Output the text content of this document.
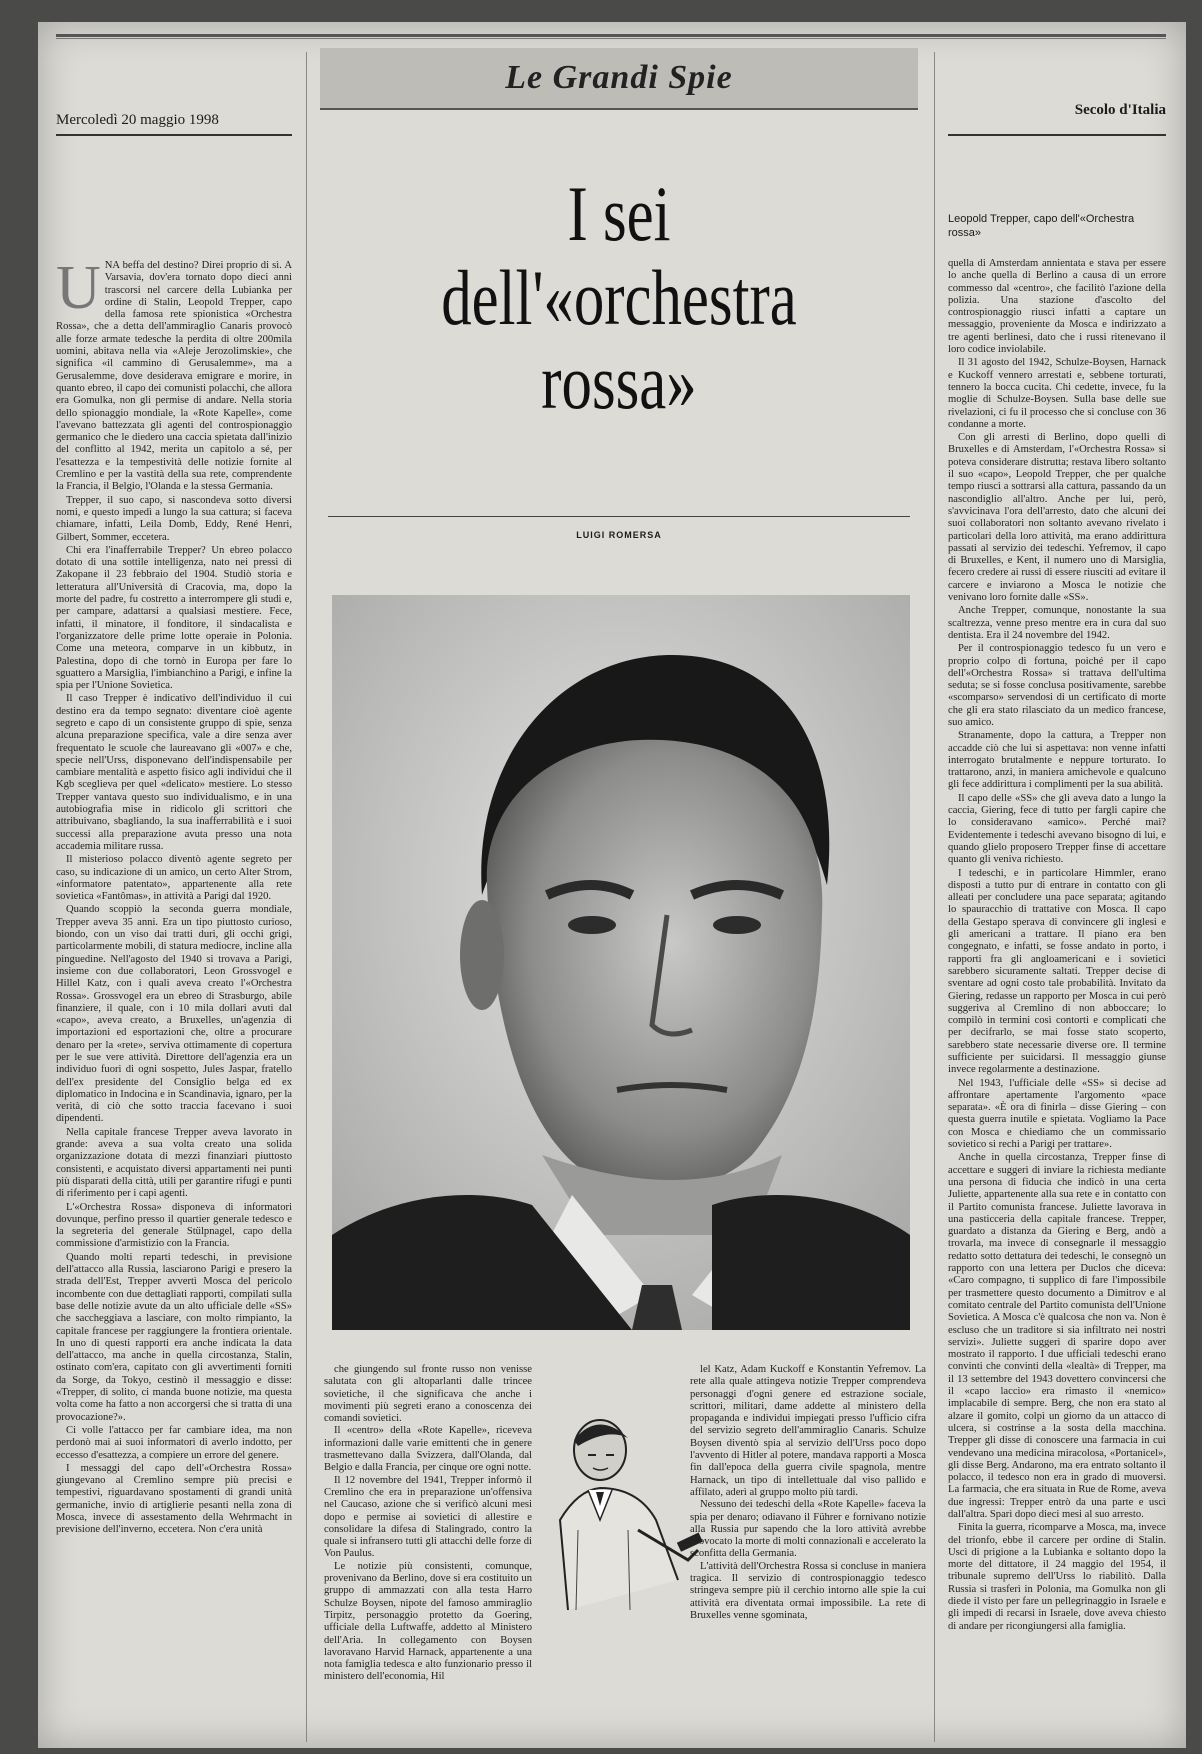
Mercoledì 20 maggio 1998
Le Grandi Spie
Secolo d'Italia
U NA beffa del destino? Direi proprio di sì. A Varsavia, dov'era tornato dopo dieci anni trascorsi nel carcere della Lubianka per ordine di Stalin, Leopold Trepper, capo della famosa rete spionistica «Orchestra Rossa», che a detta dell'ammiraglio Canaris provocò alle forze armate tedesche la perdita di oltre 200mila uomini, abitava nella via «Aleje Jerozolimskie», che significa «il cammino di Gerusalemme», ma a Gerusalemme, dove desiderava emigrare e morire, in quanto ebreo, il capo dei comunisti polacchi, che allora era Gomulka, non gli permise di andare. Nella storia dello spionaggio mondiale, la «Rote Kapelle», come l'avevano battezzata gli agenti del controspionaggio germanico che le diedero una caccia spietata dall'inizio del conflitto al 1942, merita un capitolo a sé, per l'esattezza e la tempestività delle notizie fornite al Cremlino e per la vastità della sua rete, comprendente la Francia, il Belgio, l'Olanda e la stessa Germania.

Trepper, il suo capo, si nascondeva sotto diversi nomi, e questo impedì a lungo la sua cattura; si faceva chiamare, infatti, Leila Domb, Eddy, René Henri, Gilbert, Sommer, eccetera.

Chi era l'inafferrabile Trepper? Un ebreo polacco dotato di una sottile intelligenza, nato nei pressi di Zakopane il 23 febbraio del 1904. Studiò storia e letteratura all'Università di Cracovia, ma, dopo la morte del padre, fu costretto a interrompere gli studi e, per campare, adattarsi a qualsiasi mestiere. Fece, infatti, il minatore, il fonditore, il sindacalista e l'organizzatore delle prime lotte operaie in Polonia. Come una meteora, comparve in un kibbutz, in Palestina, dopo di che tornò in Europa per fare lo sguattero a Marsiglia, l'imbianchino a Parigi, e infine la spia per l'Unione Sovietica.

Il caso Trepper è indicativo dell'individuo il cui destino era da tempo segnato: diventare cioè agente segreto e capo di un consistente gruppo di spie, senza alcuna preparazione specifica, vale a dire senza aver frequentato le scuole che laureavano gli «007» e che, specie nell'Urss, disponevano dell'indispensabile per cambiare mentalità e aspetto fisico agli individui che il Kgb sceglieva per quel «delicato» mestiere. Lo stesso Trepper vantava questo suo individualismo, e in una autobiografia mise in ridicolo gli scrittori che attribuivano, sbagliando, la sua inafferrabilità e i suoi successi alla preparazione avuta presso una nota accademia militare russa.

Il misterioso polacco diventò agente segreto per caso, su indicazione di un amico, un certo Alter Strom, «informatore patentato», appartenente alla rete sovietica «Fantômas», in attività a Parigi dal 1920.

Quando scoppiò la seconda guerra mondiale, Trepper aveva 35 anni. Era un tipo piuttosto curioso, biondo, con un viso dai tratti duri, gli occhi grigi, particolarmente mobili, di statura mediocre, incline alla pinguedine. Nell'agosto del 1940 si trovava a Parigi, insieme con due collaboratori, Leon Grossvogel e Hillel Katz, con i quali aveva creato l'«Orchestra Rossa». Grossvogel era un ebreo di Strasburgo, abile finanziere, il quale, con i 10 mila dollari avuti dal «capo», aveva creato, a Bruxelles, un'agenzia di importazioni ed esportazioni che, oltre a procurare denaro per la «rete», serviva ottimamente di copertura per le sue vere attività. Direttore dell'agenzia era un individuo fuori di ogni sospetto, Jules Jaspar, fratello dell'ex presidente del Consiglio belga ed ex diplomatico in Indocina e in Scandinavia, ignaro, per la verità, di ciò che sotto traccia facevano i suoi dipendenti.

Nella capitale francese Trepper aveva lavorato in grande: aveva a sua volta creato una solida organizzazione dotata di mezzi finanziari piuttosto consistenti, e acquistato diversi appartamenti nei punti più disparati della città, utili per garantire rifugi e punti di riferimento per i capi agenti.

L'«Orchestra Rossa» disponeva di informatori dovunque, perfino presso il quartier generale tedesco e la segreteria del generale Stülpnagel, capo della commissione d'armistizio con la Francia.

Quando molti reparti tedeschi, in previsione dell'attacco alla Russia, lasciarono Parigi e presero la strada dell'Est, Trepper avvertì Mosca del pericolo incombente con due dettagliati rapporti, compilati sulla base delle notizie avute da un alto ufficiale delle «SS» che saccheggiava a lasciare, con molto rimpianto, la capitale francese per raggiungere la frontiera orientale. In uno di questi rapporti era anche indicata la data dell'attacco, ma anche in quella circostanza, Stalin, ostinato com'era, capitato con gli avvertimenti forniti da Sorge, da Tokyo, cestinò il messaggio e disse: «Trepper, di solito, ci manda buone notizie, ma questa volta come ha fatto a non accorgersi che si tratta di una provocazione?».

Ci volle l'attacco per far cambiare idea, ma non perdonò mai ai suoi informatori di averlo indotto, per eccesso d'esattezza, a compiere un errore del genere.

I messaggi del capo dell'«Orchestra Rossa» giungevano al Cremlino sempre più precisi e tempestivi, riguardavano spostamenti di grandi unità germaniche, invio di artiglierie pesanti nella zona di Mosca, invece di assestamento della Wehrmacht in previsione dell'inverno, eccetera. Non c'era unità

I sei
dell'«orchestra
rossa»
LUIGI ROMERSA
Leopold Trepper, capo dell'«Orchestra rossa»

quella di Amsterdam annientata e stava per essere lo anche quella di Berlino a causa di un errore commesso dal «centro», che facilitò l'azione della polizia. Una stazione d'ascolto del controspionaggio riuscì infatti a captare un messaggio, proveniente da Mosca e indirizzato a tre agenti berlinesi, dato che i russi ritenevano il loro codice inviolabile.

Il 31 agosto del 1942, Schulze-Boysen, Harnack e Kuckoff vennero arrestati e, sebbene torturati, tennero la bocca cucita. Chi cedette, invece, fu la moglie di Schulze-Boysen. Sulla base delle sue rivelazioni, ci fu il processo che si concluse con 36 condanne a morte.

Con gli arresti di Berlino, dopo quelli di Bruxelles e di Amsterdam, l'«Orchestra Rossa» si poteva considerare distrutta; restava libero soltanto il suo «capo», Leopold Trepper, che per qualche tempo riuscì a sottrarsi alla cattura, passando da un nascondiglio all'altro. Anche per lui, però, s'avvicinava l'ora dell'arresto, dato che alcuni dei suoi collaboratori non soltanto avevano rivelato i particolari della loro attività, ma erano addirittura passati al servizio dei tedeschi. Yefremov, il capo di Bruxelles, e Kent, il numero uno di Marsiglia, fecero credere ai russi di essere riusciti ad evitare il carcere e inviarono a Mosca le notizie che venivano loro fornite dalle «SS».

Anche Trepper, comunque, nonostante la sua scaltrezza, venne preso mentre era in cura dal suo dentista. Era il 24 novembre del 1942.

Per il controspionaggio tedesco fu un vero e proprio colpo di fortuna, poiché per il capo dell'«Orchestra Rossa» si trattava dell'ultima seduta; se si fosse conclusa positivamente, sarebbe «scomparso» servendosi di un certificato di morte che gli era stato rilasciato da un medico francese, suo amico.

Stranamente, dopo la cattura, a Trepper non accadde ciò che lui si aspettava: non venne infatti interrogato brutalmente e neppure torturato. Io trattarono, anzi, in maniera amichevole e qualcuno gli fece addirittura i complimenti per la sua abilità.

Il capo delle «SS» che gli aveva dato a lungo la caccia, Giering, fece di tutto per fargli capire che lo consideravano «amico». Perché mai? Evidentemente i tedeschi avevano bisogno di lui, e quando glielo proposero Trepper finse di accettare quanto gli veniva richiesto.

I tedeschi, e in particolare Himmler, erano disposti a tutto pur di entrare in contatto con gli alleati per concludere una pace separata; agitando lo spauracchio di trattative con Mosca. Il capo della Gestapo sperava di convincere gli inglesi e gli americani a trattare. Il piano era ben congegnato, e infatti, se fosse andato in porto, i rapporti fra gli angloamericani e i sovietici sarebbero sicuramente saltati. Trepper decise di sventare ad ogni costo tale probabilità. Invitato da Giering, redasse un rapporto per Mosca in cui però suggeriva al Cremlino di non abboccare; lo compilò in termini così contorti e complicati che per decifrarlo, se mai fosse stato scoperto, sarebbero state necessarie diverse ore. Il termine sufficiente per suicidarsi. Il messaggio giunse invece regolarmente a destinazione.

Nel 1943, l'ufficiale delle «SS» si decise ad affrontare apertamente l'argomento «pace separata». «È ora di finirla – disse Giering – con questa guerra inutile e spietata. Vogliamo la Pace con Mosca e chiediamo che un commissario sovietico si rechi a Parigi per trattare».

Anche in quella circostanza, Trepper finse di accettare e suggerì di inviare la richiesta mediante una persona di fiducia che indicò in una certa Juliette, appartenente alla sua rete e in contatto con il Partito comunista francese. Juliette lavorava in una pasticceria della capitale francese. Trepper, guardato a distanza da Giering e Berg, andò a trovarla, ma invece di consegnarle il messaggio redatto sotto dettatura dei tedeschi, le consegnò un rapporto con una lettera per Duclos che diceva: «Caro compagno, ti supplico di fare l'impossibile per trasmettere questo documento a Dimitrov e al comitato centrale del Partito comunista dell'Unione Sovietica. A Mosca c'è qualcosa che non va. Non è escluso che un traditore si sia infiltrato nei nostri servizi». Juliette suggerì di sparire dopo aver mostrato il rapporto. I due ufficiali tedeschi erano convinti che convinti della «lealtà» di Trepper, ma il 13 settembre del 1943 dovettero convincersi che il «capo laccio» era rimasto il «nemico» implacabile di sempre. Berg, che non era stato al alzare il gomito, colpì un giorno da un attacco di ulcera, si costrinse a la sosta della macchina. Trepper gli disse di conoscere una farmacia in cui vendevano una medicina miracolosa, «Portanicel», gli disse Berg. Andarono, ma era entrato soltanto il polacco, il tedesco non era in grado di muoversi. La farmacia, che era situata in Rue de Rome, aveva due ingressi: Trepper entrò da una parte e uscì dall'altra. Sparì dopo dieci mesi al suo arresto.

Finita la guerra, ricomparve a Mosca, ma, invece del trionfo, ebbe il carcere per ordine di Stalin. Uscì di prigione a la Lubianka e soltanto dopo la morte del dittatore, il 24 maggio del 1954, il tribunale supremo dell'Urss lo riabilitò. Dalla Russia si trasferì in Polonia, ma Gomulka non gli diede il visto per fare un pellegrinaggio in Israele e gli impedì di recarsi in Israele, dove aveva chiesto di andare per ricongiungersi alla famiglia.

che giungendo sul fronte russo non venisse salutata con gli altoparlanti dalle trincee sovietiche, il che significava che anche i movimenti più segreti erano a conoscenza dei comandi sovietici.

Il «centro» della «Rote Kapelle», riceveva informazioni dalle varie emittenti che in genere trasmettevano dalla Svizzera, dall'Olanda, dal Belgio e dalla Francia, per cinque ore ogni notte.

Il 12 novembre del 1941, Trepper informò il Cremlino che era in preparazione un'offensiva nel Caucaso, azione che si verificò alcuni mesi dopo e permise ai sovietici di allestire e consolidare la difesa di Stalingrado, contro la quale si infransero tutti gli attacchi delle forze di Von Paulus.

Le notizie più consistenti, comunque, provenivano da Berlino, dove si era costituito un gruppo di ammazzati con alla testa Harro Schulze Boysen, nipote del famoso ammiraglio Tirpitz, personaggio protetto da Goering, ufficiale della Luftwaffe, addetto al Ministero dell'Aria. In collegamento con Boysen lavoravano Harvid Harnack, appartenente a una nota famiglia tedesca e alto funzionario presso il ministero dell'economia, Hil

lel Katz, Adam Kuckoff e Konstantin Yefremov. La rete alla quale attingeva notizie Trepper comprendeva personaggi d'ogni genere ed estrazione sociale, scrittori, militari, dame addette al ministero della propaganda e individui impiegati presso l'ufficio cifra del servizio segreto dell'ammiraglio Canaris. Schulze Boysen diventò spia al servizio dell'Urss poco dopo l'avvento di Hitler al potere, mandava rapporti a Mosca fin dall'epoca della guerra civile spagnola, mentre Harnack, un tipo di intellettuale dal viso pallido e affilato, aderì al gruppo molto più tardi.

Nessuno dei tedeschi della «Rote Kapelle» faceva la spia per denaro; odiavano il Führer e fornivano notizie alla Russia pur sapendo che la loro attività avrebbe provocato la morte di molti connazionali e accelerato la sconfitta della Germania.

L'attività dell'Orchestra Rossa si concluse in maniera tragica. Il servizio di controspionaggio tedesco stringeva sempre più il cerchio intorno alle spie la cui attività era diventata ormai impossibile. La rete di Bruxelles venne sgominata,
